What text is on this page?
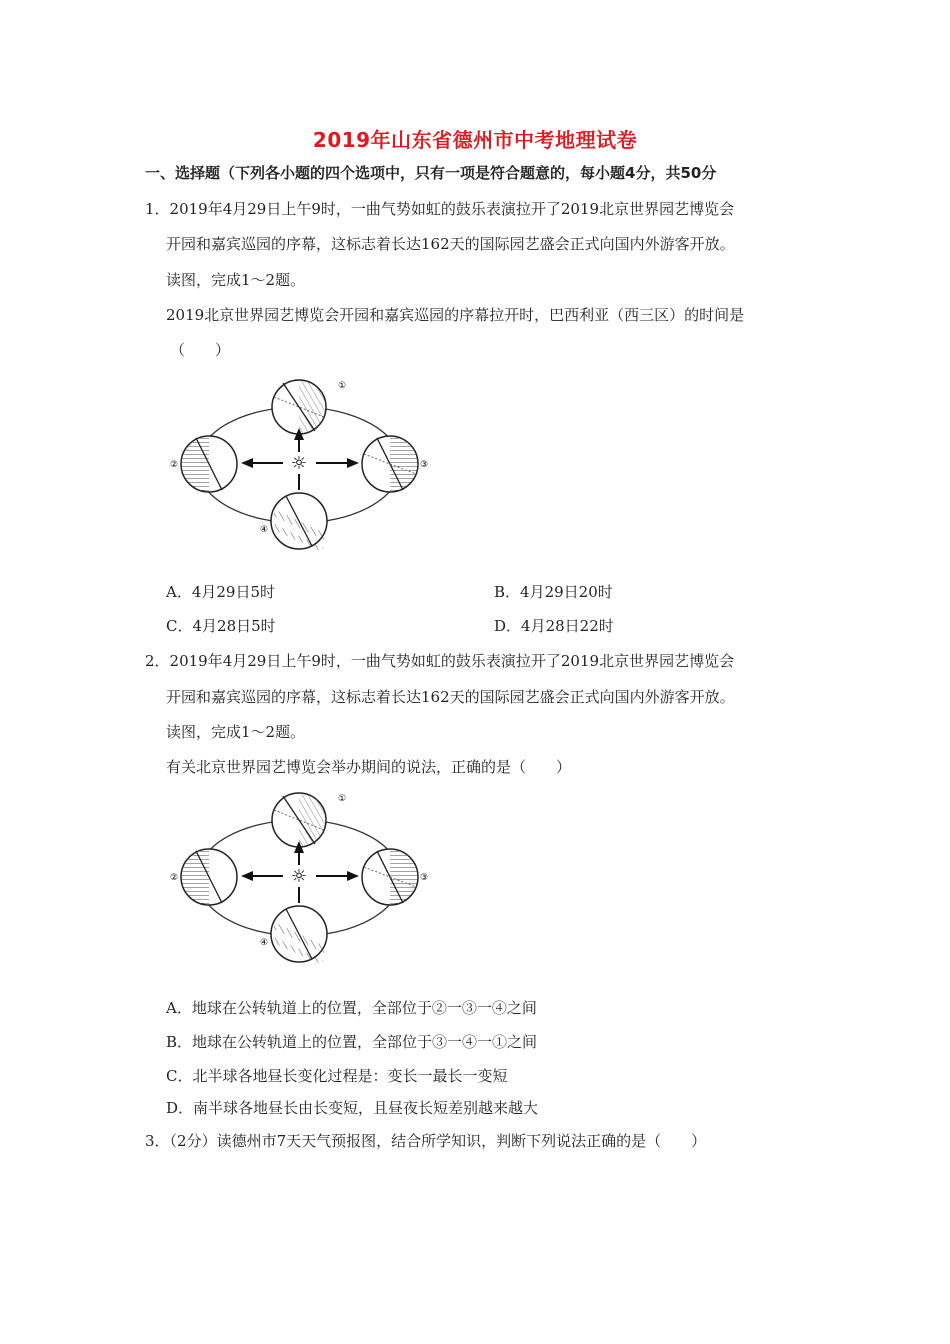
2019年山东省德州市中考地理试卷
一、选择题（下列各小题的四个选项中，只有一项是符合题意的，每小题4分，共50分
1．2019年4月29日上午9时，一曲气势如虹的鼓乐表演拉开了2019北京世界园艺博览会
开园和嘉宾巡园的序幕，这标志着长达162天的国际园艺盛会正式向国内外游客开放。
读图，完成1～2题。
2019北京世界园艺博览会开园和嘉宾巡园的序幕拉开时，巴西利亚（西三区）的时间是
（　　）
☼
①
②	③
④
A．4月29日5时	B．4月29日20时
C．4月28日5时	D．4月28日22时
2．2019年4月29日上午9时，一曲气势如虹的鼓乐表演拉开了2019北京世界园艺博览会
开园和嘉宾巡园的序幕，这标志着长达162天的国际园艺盛会正式向国内外游客开放。
读图，完成1～2题。
有关北京世界园艺博览会举办期间的说法，正确的是（　　）
☼
①
②	③
④
A．地球在公转轨道上的位置，全部位于②一③一④之间
B．地球在公转轨道上的位置，全部位于③一④一①之间
C．北半球各地昼长变化过程是：变长一最长一变短
D．南半球各地昼长由长变短，且昼夜长短差别越来越大
3．（2分）读德州市7天天气预报图，结合所学知识，判断下列说法正确的是（　　）
